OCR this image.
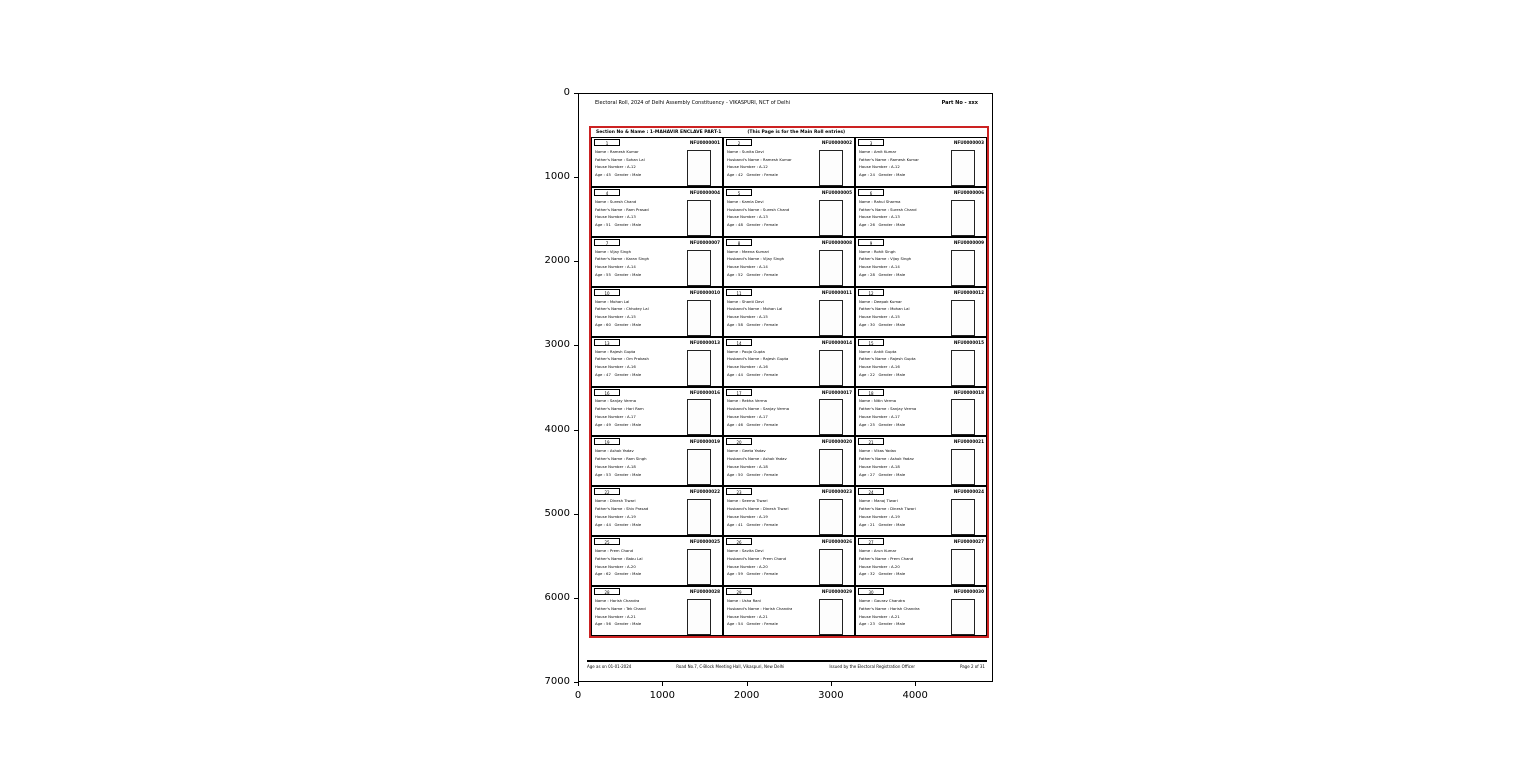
Electoral Roll, 2024 of Delhi Assembly Constituency - VIKASPURI, NCT of Delhi	Part No - xxx
Section No & Name : 1-MAHAVIR ENCLAVE PART-1	(This Page is for the Main Roll entries)
1	NFU0000001
Name : Ramesh Kumar
Father's Name : Sohan Lal
House Number : A-12
Age : 45   Gender : Male
2	NFU0000002
Name : Sunita Devi
Husband's Name : Ramesh Kumar
House Number : A-12
Age : 42   Gender : Female
3	NFU0000003
Name : Amit Kumar
Father's Name : Ramesh Kumar
House Number : A-12
Age : 24   Gender : Male
4	NFU0000004
Name : Suresh Chand
Father's Name : Ram Prasad
House Number : A-13
Age : 51   Gender : Male
5	NFU0000005
Name : Kamla Devi
Husband's Name : Suresh Chand
House Number : A-13
Age : 48   Gender : Female
6	NFU0000006
Name : Rahul Sharma
Father's Name : Suresh Chand
House Number : A-13
Age : 26   Gender : Male
7	NFU0000007
Name : Vijay Singh
Father's Name : Karan Singh
House Number : A-14
Age : 55   Gender : Male
8	NFU0000008
Name : Meena Kumari
Husband's Name : Vijay Singh
House Number : A-14
Age : 52   Gender : Female
9	NFU0000009
Name : Rohit Singh
Father's Name : Vijay Singh
House Number : A-14
Age : 28   Gender : Male
10	NFU0000010
Name : Mohan Lal
Father's Name : Chhotey Lal
House Number : A-15
Age : 60   Gender : Male
11	NFU0000011
Name : Shanti Devi
Husband's Name : Mohan Lal
House Number : A-15
Age : 58   Gender : Female
12	NFU0000012
Name : Deepak Kumar
Father's Name : Mohan Lal
House Number : A-15
Age : 30   Gender : Male
13	NFU0000013
Name : Rajesh Gupta
Father's Name : Om Prakash
House Number : A-16
Age : 47   Gender : Male
14	NFU0000014
Name : Pooja Gupta
Husband's Name : Rajesh Gupta
House Number : A-16
Age : 44   Gender : Female
15	NFU0000015
Name : Ankit Gupta
Father's Name : Rajesh Gupta
House Number : A-16
Age : 22   Gender : Male
16	NFU0000016
Name : Sanjay Verma
Father's Name : Hari Ram
House Number : A-17
Age : 49   Gender : Male
17	NFU0000017
Name : Rekha Verma
Husband's Name : Sanjay Verma
House Number : A-17
Age : 46   Gender : Female
18	NFU0000018
Name : Nitin Verma
Father's Name : Sanjay Verma
House Number : A-17
Age : 25   Gender : Male
19	NFU0000019
Name : Ashok Yadav
Father's Name : Ram Singh
House Number : A-18
Age : 53   Gender : Male
20	NFU0000020
Name : Geeta Yadav
Husband's Name : Ashok Yadav
House Number : A-18
Age : 50   Gender : Female
21	NFU0000021
Name : Vikas Yadav
Father's Name : Ashok Yadav
House Number : A-18
Age : 27   Gender : Male
22	NFU0000022
Name : Dinesh Tiwari
Father's Name : Shiv Prasad
House Number : A-19
Age : 44   Gender : Male
23	NFU0000023
Name : Seema Tiwari
Husband's Name : Dinesh Tiwari
House Number : A-19
Age : 41   Gender : Female
24	NFU0000024
Name : Manoj Tiwari
Father's Name : Dinesh Tiwari
House Number : A-19
Age : 21   Gender : Male
25	NFU0000025
Name : Prem Chand
Father's Name : Babu Lal
House Number : A-20
Age : 62   Gender : Male
26	NFU0000026
Name : Savita Devi
Husband's Name : Prem Chand
House Number : A-20
Age : 59   Gender : Female
27	NFU0000027
Name : Arun Kumar
Father's Name : Prem Chand
House Number : A-20
Age : 32   Gender : Male
28	NFU0000028
Name : Harish Chandra
Father's Name : Tek Chand
House Number : A-21
Age : 56   Gender : Male
29	NFU0000029
Name : Usha Rani
Husband's Name : Harish Chandra
House Number : A-21
Age : 54   Gender : Female
30	NFU0000030
Name : Gaurav Chandra
Father's Name : Harish Chandra
House Number : A-21
Age : 23   Gender : Male
Age as on 01-01-2024	Road No.7, C-Block Meeting Hall, Vikaspuri, New Delhi	Issued by the Electoral Registration Officer	Page 2 of 31
0
1000
2000
3000
4000
5000
6000
7000
0	1000	2000	3000	4000
